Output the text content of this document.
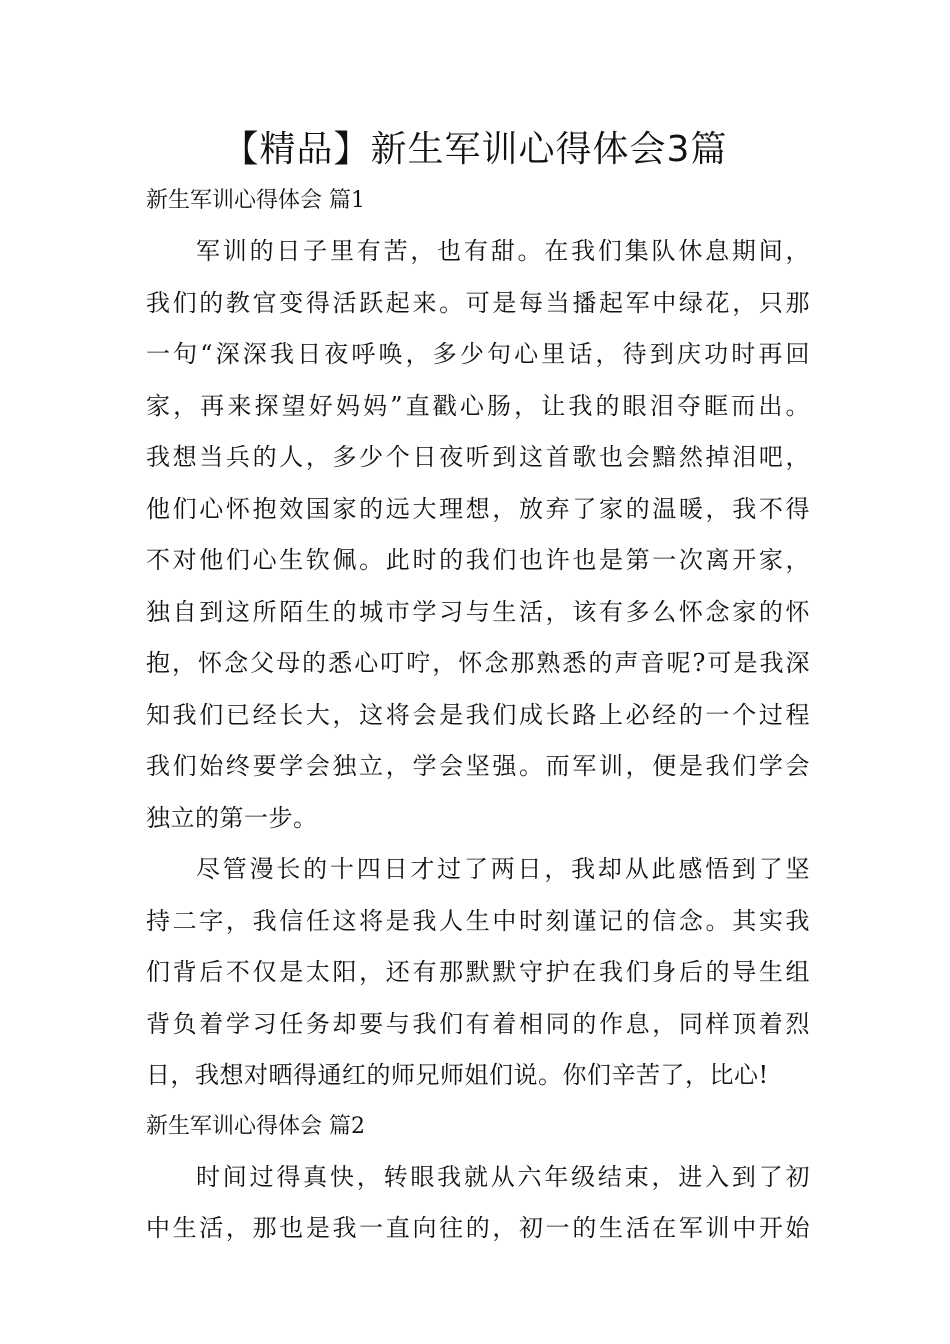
【精品】新生军训心得体会3篇

新生军训心得体会 篇1

军训的日子里有苦，也有甜。在我们集队休息期间，
我们的教官变得活跃起来。可是每当播起军中绿花，只那
一句“深深我日夜呼唤，多少句心里话，待到庆功时再回
家，再来探望好妈妈”直戳心肠，让我的眼泪夺眶而出。
我想当兵的人，多少个日夜听到这首歌也会黯然掉泪吧，
他们心怀抱效国家的远大理想，放弃了家的温暖，我不得
不对他们心生钦佩。此时的我们也许也是第一次离开家，
独自到这所陌生的城市学习与生活，该有多么怀念家的怀
抱，怀念父母的悉心叮咛，怀念那熟悉的声音呢?可是我深
知我们已经长大，这将会是我们成长路上必经的一个过程
我们始终要学会独立，学会坚强。而军训，便是我们学会
独立的第一步。
尽管漫长的十四日才过了两日，我却从此感悟到了坚
持二字，我信任这将是我人生中时刻谨记的信念。其实我
们背后不仅是太阳，还有那默默守护在我们身后的导生组
背负着学习任务却要与我们有着相同的作息，同样顶着烈
日，我想对晒得通红的师兄师姐们说。你们辛苦了，比心!

新生军训心得体会 篇2

时间过得真快，转眼我就从六年级结束，进入到了初
中生活，那也是我一直向往的，初一的生活在军训中开始
